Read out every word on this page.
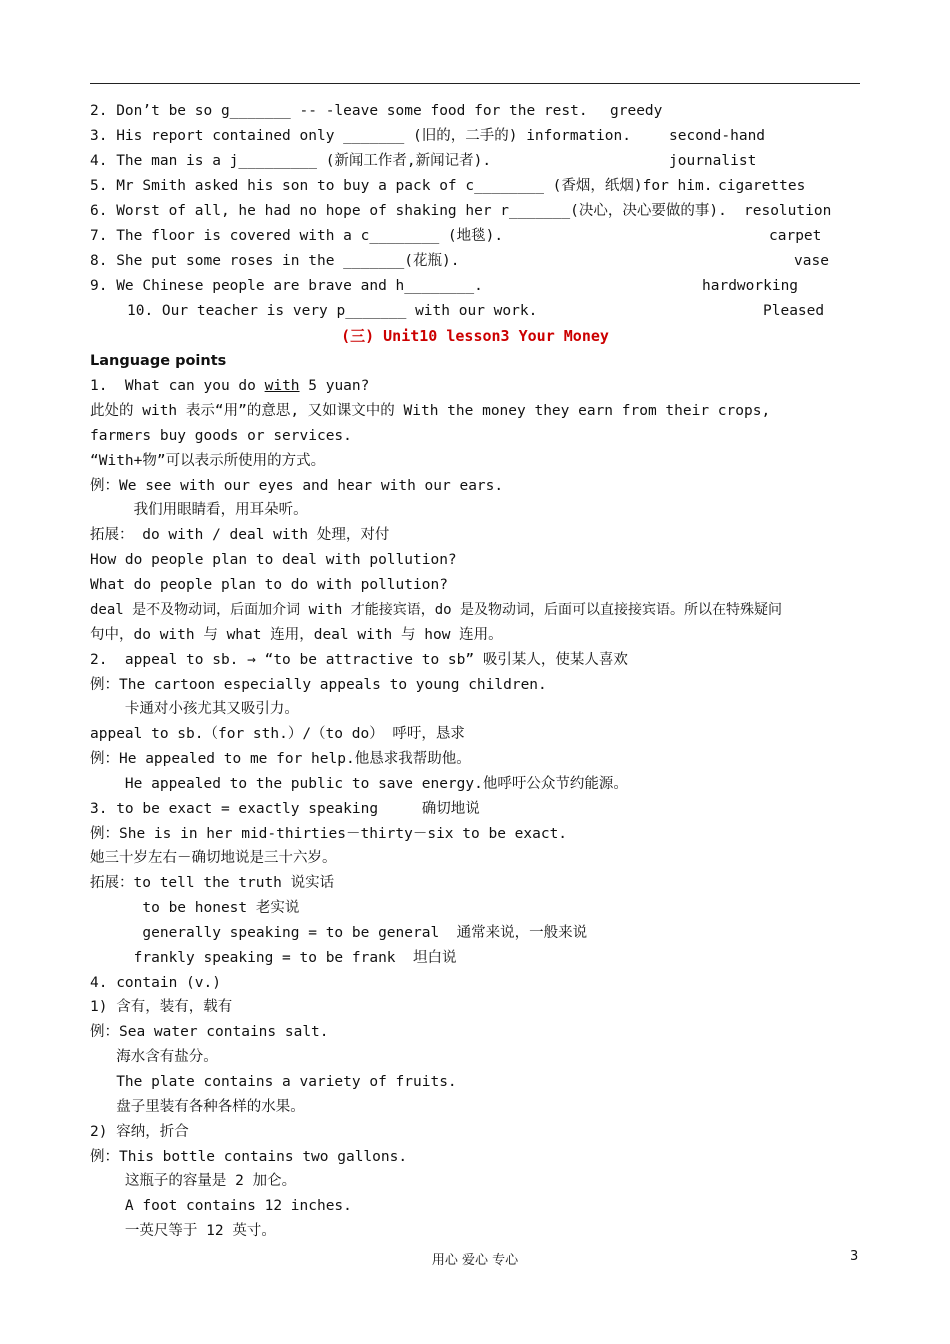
2. Don’t be so g_______ -- -leave some food for the rest. greedy
3. His report contained only _______ (旧的，二手的) information.	second-hand
4. The man is a j_________ (新闻工作者,新闻记者).	journalist
5. Mr Smith asked his son to buy a pack of c________ (香烟，纸烟)for him. cigarettes
6. Worst of all, he had no hope of shaking her r_______(决心，决心要做的事). resolution
7. The floor is covered with a c________ (地毯).	carpet
8. She put some roses in the _______(花瓶).	vase
9. We Chinese people are brave and h________.	hardworking
10. Our teacher is very p_______ with our work.	Pleased
(三) Unit10 lesson3 Your Money
Language points
1.  What can you do with 5 yuan?
此处的 with 表示“用”的意思, 又如课文中的 With the money they earn from their crops,
farmers buy goods or services.
“With+物”可以表示所使用的方式。
例：We see with our eyes and hear with our ears.
我们用眼睛看，用耳朵听。
拓展： do with / deal with 处理，对付
How do people plan to deal with pollution?
What do people plan to do with pollution?
deal 是不及物动词，后面加介词 with 才能接宾语，do 是及物动词，后面可以直接接宾语。所以在特殊疑问
句中，do with 与 what 连用，deal with 与 how 连用。
2.  appeal to sb. → “to be attractive to sb” 吸引某人，使某人喜欢
例：The cartoon especially appeals to young children.
卡通对小孩尤其又吸引力。
appeal to sb.（for sth.）/（to do） 呼吁，恳求
例：He appealed to me for help.他恳求我帮助他。
He appealed to the public to save energy.他呼吁公众节约能源。
3. to be exact = exactly speaking     确切地说
例：She is in her mid-thirties－thirty－six to be exact.
她三十岁左右－确切地说是三十六岁。
拓展：to tell the truth 说实话
to be honest 老实说
generally speaking = to be general  通常来说，一般来说
frankly speaking = to be frank  坦白说
4. contain (v.)
1) 含有，装有，载有
例：Sea water contains salt.
海水含有盐分。
The plate contains a variety of fruits.
盘子里装有各种各样的水果。
2) 容纳，折合
例：This bottle contains two gallons.
这瓶子的容量是 2 加仑。
A foot contains 12 inches.
一英尺等于 12 英寸。
用心 爱心 专心	3
